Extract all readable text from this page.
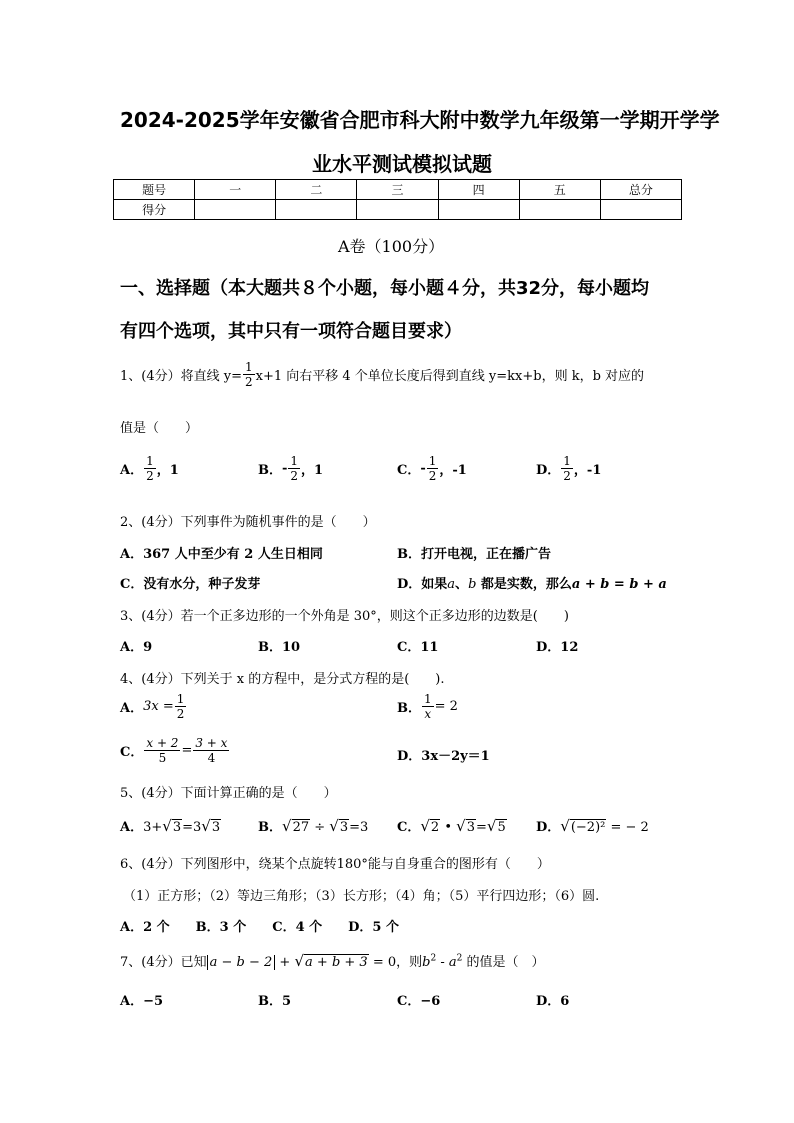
2024-2025学年安徽省合肥市科大附中数学九年级第一学期开学学
业水平测试模拟试题
题号	一	二	三	四	五	总分
得分						
A卷（100分）
一、选择题（本大题共８个小题，每小题４分，共32分，每小题均
有四个选项，其中只有一项符合题目要求）
1、(4分）将直线 $y= \frac{1}{2} x+1$ 向右平移 4 个单位长度后得到直线 y=kx+b，则 k，b 对应的
值是（　　）
A． $\frac{1}{2}$ ，1	B．- $\frac{1}{2}$ ，1	C．- $\frac{1}{2}$ ，-1	D． $\frac{1}{2}$ ，-1
2、(4分）下列事件为随机事件的是（　　）
A．367 人中至少有 2 人生日相同	B．打开电视，正在播广告
C．没有水分，种子发芽	D．如果a、b 都是实数，那么a + b = b + a
3、(4分）若一个正多边形的一个外角是 30°，则这个正多边形的边数是(　　)
A．9	B．10	C．11	D．12
4、(4分）下列关于 x 的方程中，是分式方程的是(　　).
A．$3x = \frac{1}{2}$	B． $\frac{1}{x} = 2$
C． $\frac{x + 2}{5} = \frac{3 + x}{4}$	D．3x－2y＝1
5、(4分）下面计算正确的是（　　）
A．3+√3=3√3	B．√27 ÷ √3=3 C．√2 • √3=√5 D．√(−2)² = − 2
6、(4分）下列图形中，绕某个点旋转180°能与自身重合的图形有（　　）
（1）正方形；（2）等边三角形；（3）长方形；（4）角；（5）平行四边形；（6）圆.
A．2 个　　B．3 个　　C．4 个　　D．5 个
7、(4分）已知 a − b − 2 + √a + b + 3 = 0，则$b^2 - a^2$ 的值是（　）
A．−5	B．5	C．−6	D．6
